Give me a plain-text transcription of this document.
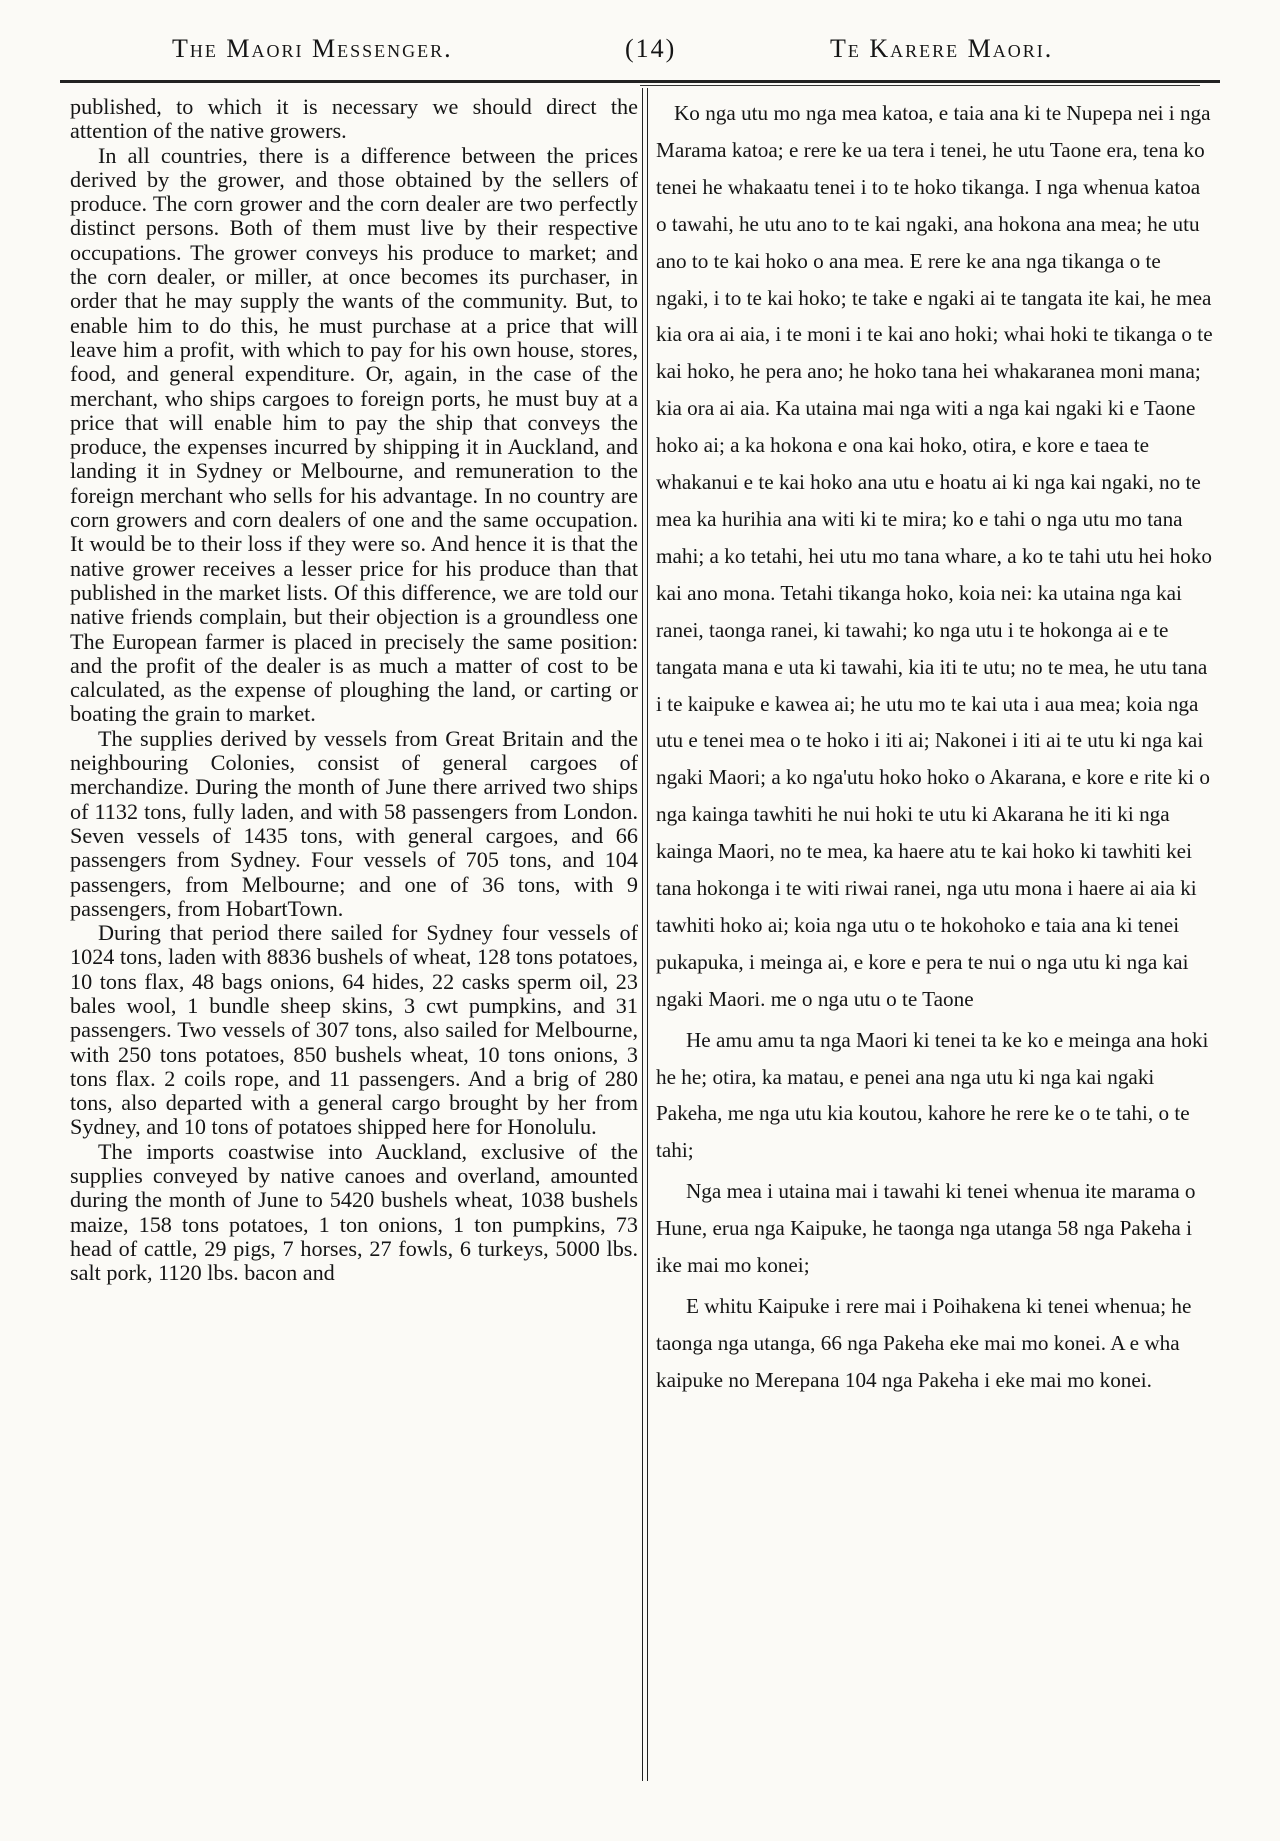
The Maori Messenger.	(14)	Te Karere Maori.

published, to which it is necessary we should direct the attention of the native growers.

In all countries, there is a difference between the prices derived by the grower, and those obtained by the sellers of produce. The corn grower and the corn dealer are two perfectly distinct persons. Both of them must live by their respective occupations. The grower conveys his produce to market; and the corn dealer, or miller, at once becomes its purchaser, in order that he may supply the wants of the community. But, to enable him to do this, he must purchase at a price that will leave him a profit, with which to pay for his own house, stores, food, and general expenditure. Or, again, in the case of the merchant, who ships cargoes to foreign ports, he must buy at a price that will enable him to pay the ship that conveys the produce, the expenses incurred by shipping it in Auckland, and landing it in Sydney or Melbourne, and remuneration to the foreign merchant who sells for his advantage. In no country are corn growers and corn dealers of one and the same occupation. It would be to their loss if they were so. And hence it is that the native grower receives a lesser price for his produce than that published in the market lists. Of this difference, we are told our native friends complain, but their objection is a groundless one The European farmer is placed in precisely the same position: and the profit of the dealer is as much a matter of cost to be calculated, as the expense of ploughing the land, or carting or boating the grain to market.

The supplies derived by vessels from Great Britain and the neighbouring Colonies, consist of general cargoes of merchandize. During the month of June there arrived two ships of 1132 tons, fully laden, and with 58 passengers from London. Seven vessels of 1435 tons, with general cargoes, and 66 passengers from Sydney. Four vessels of 705 tons, and 104 passengers, from Melbourne; and one of 36 tons, with 9 passengers, from HobartTown.

During that period there sailed for Sydney four vessels of 1024 tons, laden with 8836 bushels of wheat, 128 tons potatoes, 10 tons flax, 48 bags onions, 64 hides, 22 casks sperm oil, 23 bales wool, 1 bundle sheep skins, 3 cwt pumpkins, and 31 passengers. Two vessels of 307 tons, also sailed for Melbourne, with 250 tons potatoes, 850 bushels wheat, 10 tons onions, 3 tons flax. 2 coils rope, and 11 passengers. And a brig of 280 tons, also departed with a general cargo brought by her from Sydney, and 10 tons of potatoes shipped here for Honolulu.

The imports coastwise into Auckland, exclusive of the supplies conveyed by native canoes and overland, amounted during the month of June to 5420 bushels wheat, 1038 bushels maize, 158 tons potatoes, 1 ton onions, 1 ton pumpkins, 73 head of cattle, 29 pigs, 7 horses, 27 fowls, 6 turkeys, 5000 lbs. salt pork, 1120 lbs. bacon and

Ko nga utu mo nga mea katoa, e taia ana ki te Nupepa nei i nga Marama katoa; e rere ke ua tera i tenei, he utu Taone era, tena ko tenei he whakaatu tenei i to te hoko tikanga. I nga whenua katoa o tawahi, he utu ano to te kai ngaki, ana hokona ana mea; he utu ano to te kai hoko o ana mea. E rere ke ana nga tikanga o te ngaki, i to te kai hoko; te take e ngaki ai te tangata ite kai, he mea kia ora ai aia, i te moni i te kai ano hoki; whai hoki te tikanga o te kai hoko, he pera ano; he hoko tana hei whakaranea moni mana; kia ora ai aia. Ka utaina mai nga witi a nga kai ngaki ki e Taone hoko ai; a ka hokona e ona kai hoko, otira, e kore e taea te whakanui e te kai hoko ana utu e hoatu ai ki nga kai ngaki, no te mea ka hurihia ana witi ki te mira; ko e tahi o nga utu mo tana mahi; a ko tetahi, hei utu mo tana whare, a ko te tahi utu hei hoko kai ano mona. Tetahi tikanga hoko, koia nei: ka utaina nga kai ranei, taonga ranei, ki tawahi; ko nga utu i te hokonga ai e te tangata mana e uta ki tawahi, kia iti te utu; no te mea, he utu tana i te kaipuke e kawea ai; he utu mo te kai uta i aua mea; koia nga utu e tenei mea o te hoko i iti ai; Nakonei i iti ai te utu ki nga kai ngaki Maori; a ko nga'utu hoko hoko o Akarana, e kore e rite ki o nga kainga tawhiti he nui hoki te utu ki Akarana he iti ki nga kainga Maori, no te mea, ka haere atu te kai hoko ki tawhiti kei tana hokonga i te witi riwai ranei, nga utu mona i haere ai aia ki tawhiti hoko ai; koia nga utu o te hokohoko e taia ana ki tenei pukapuka, i meinga ai, e kore e pera te nui o nga utu ki nga kai ngaki Maori. me o nga utu o te Taone

He amu amu ta nga Maori ki tenei ta ke ko e meinga ana hoki he he; otira, ka matau, e penei ana nga utu ki nga kai ngaki Pakeha, me nga utu kia koutou, kahore he rere ke o te tahi, o te tahi;

Nga mea i utaina mai i tawahi ki tenei whenua ite marama o Hune, erua nga Kaipuke, he taonga nga utanga 58 nga Pakeha i ike mai mo konei;

E whitu Kaipuke i rere mai i Poihakena ki tenei whenua; he taonga nga utanga, 66 nga Pakeha eke mai mo konei. A e wha kaipuke no Merepana 104 nga Pakeha i eke mai mo konei.
